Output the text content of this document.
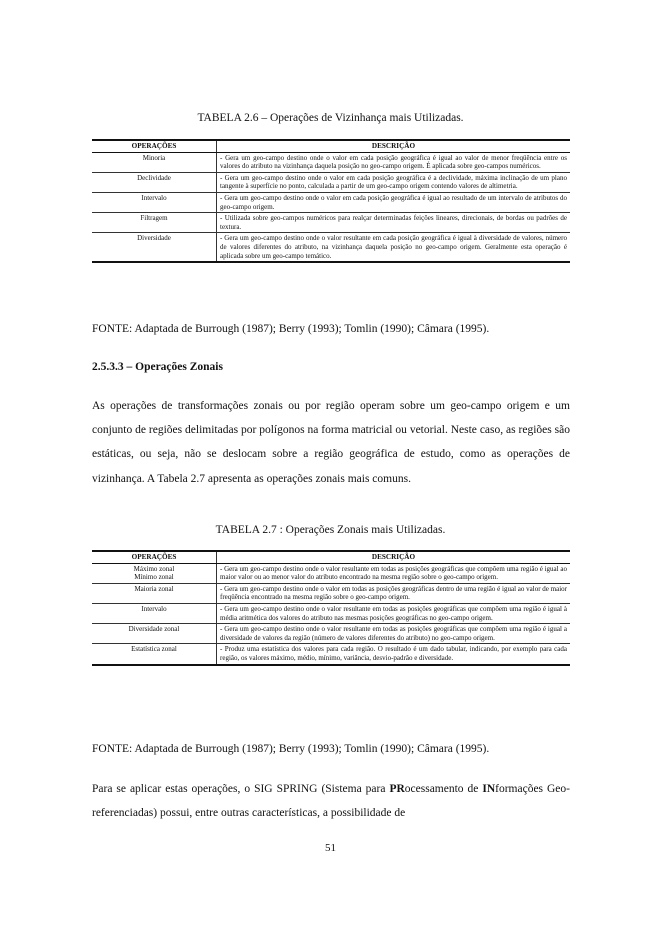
TABELA 2.6 – Operações de Vizinhança mais Utilizadas.
OPERAÇÕES	DESCRIÇÃO

Minoria	- Gera um geo-campo destino onde o valor em cada posição geográfica é igual ao valor de menor freqüência entre os valores do atributo na vizinhança daquela posição no geo-campo origem. É aplicada sobre geo-campos numéricos.

Declividade	- Gera um geo-campo destino onde o valor em cada posição geográfica é a declividade, máxima inclinação de um plano tangente à superfície no ponto, calculada a partir de um geo-campo origem contendo valores de altimetria.

Intervalo	- Gera um geo-campo destino onde o valor em cada posição geográfica é igual ao resultado de um intervalo de atributos do geo-campo origem.

Filtragem	- Utilizada sobre geo-campos numéricos para realçar determinadas feições lineares, direcionais, de bordas ou padrões de textura.

Diversidade	- Gera um geo-campo destino onde o valor resultante em cada posição geográfica é igual à diversidade de valores, número de valores diferentes do atributo, na vizinhança daquela posição no geo-campo origem. Geralmente esta operação é aplicada sobre um geo-campo temático.
FONTE: Adaptada de Burrough (1987); Berry (1993); Tomlin (1990); Câmara (1995).
2.5.3.3 – Operações Zonais
As operações de transformações zonais ou por região operam sobre um geo-campo origem e um conjunto de regiões delimitadas por polígonos na forma matricial ou vetorial. Neste caso, as regiões são estáticas, ou seja, não se deslocam sobre a região geográfica de estudo, como as operações de vizinhança. A Tabela 2.7 apresenta as operações zonais mais comuns.
TABELA 2.7 : Operações Zonais mais Utilizadas.
OPERAÇÕES	DESCRIÇÃO

Máximo zonal
Mínimo zonal	- Gera um geo-campo destino onde o valor resultante em todas as posições geográficas que compõem uma região é igual ao maior valor ou ao menor valor do atributo encontrado na mesma região sobre o geo-campo origem.

Maioria zonal	- Gera um geo-campo destino onde o valor em todas as posições geográficas dentro de uma região é igual ao valor de maior freqüência encontrado na mesma região sobre o geo-campo origem.

Intervalo	- Gera um geo-campo destino onde o valor resultante em todas as posições geográficas que compõem uma região é igual à média aritmética dos valores do atributo nas mesmas posições geográficas no geo-campo origem.

Diversidade zonal	- Gera um geo-campo destino onde o valor resultante em todas as posições geográficas que compõem uma região é igual a diversidade de valores da região (número de valores diferentes do atributo) no geo-campo origem.

Estatística zonal	- Produz uma estatística dos valores para cada região. O resultado é um dado tabular, indicando, por exemplo para cada região, os valores máximo, médio, mínimo, variância, desvio-padrão e diversidade.
FONTE: Adaptada de Burrough (1987); Berry (1993); Tomlin (1990); Câmara (1995).
Para se aplicar estas operações, o SIG SPRING (Sistema para PRocessamento de INformações Geo-referenciadas) possui, entre outras características, a possibilidade de
51
